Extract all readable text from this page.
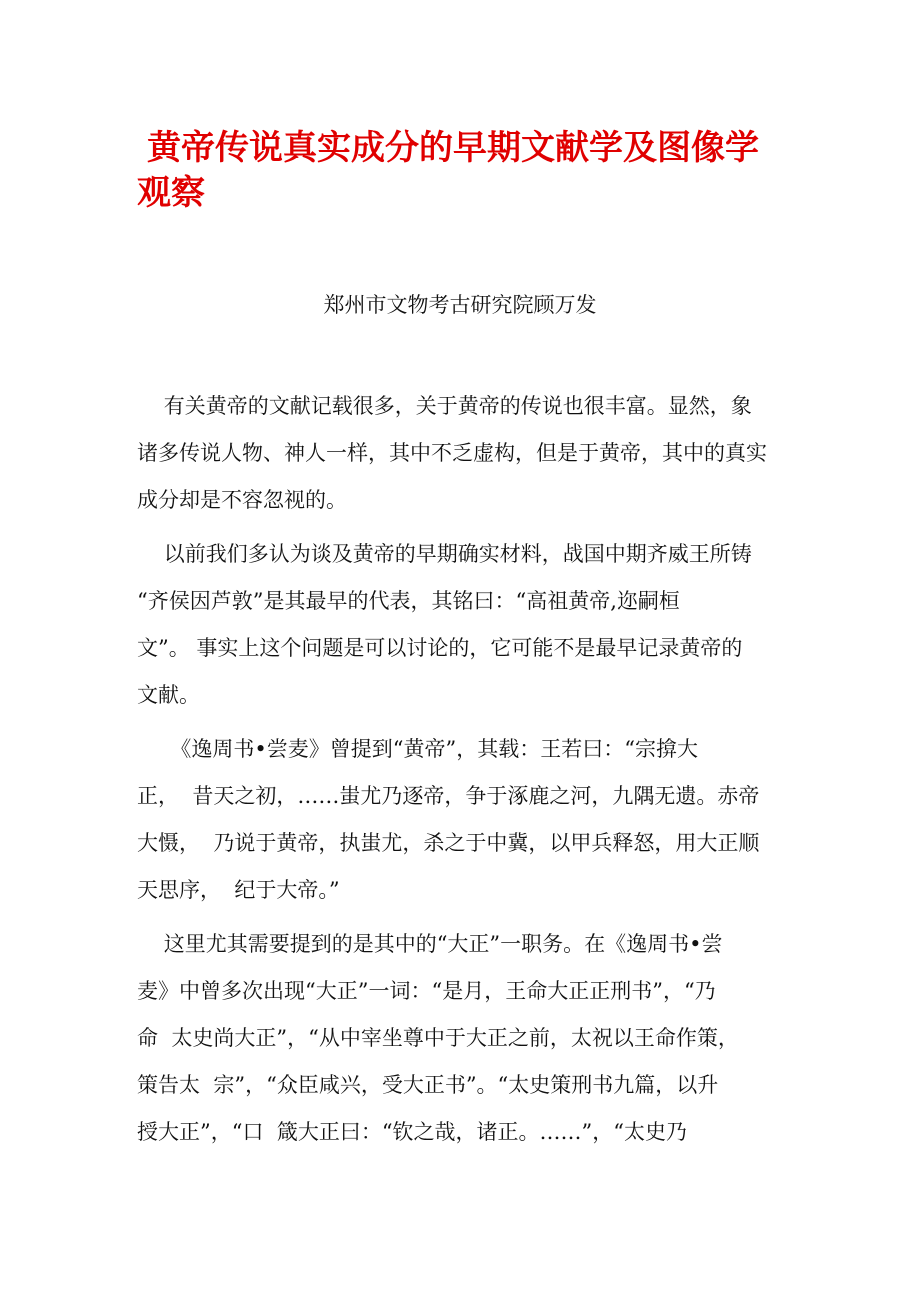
黄帝传说真实成分的早期文献学及图像学
观察

郑州市文物考古研究院顾万发

有关黄帝的文献记载很多，关于黄帝的传说也很丰富。显然，象
诸多传说人物、神人一样，其中不乏虚构，但是于黄帝，其中的真实
成分却是不容忽视的。

以前我们多认为谈及黄帝的早期确实材料，战国中期齐威王所铸
“齐侯因芦敦”是其最早的代表，其铭曰：“高祖黄帝,迩嗣桓
文”。 事实上这个问题是可以讨论的，它可能不是最早记录黄帝的
文献。

《逸周书•尝麦》曾提到“黄帝”，其载：王若曰：“宗揜大
正，  昔天之初，……蚩尤乃逐帝，争于涿鹿之河，九隅无遗。赤帝
大慑，  乃说于黄帝，执蚩尤，杀之于中冀，以甲兵释怒，用大正顺
天思序，  纪于大帝。”

这里尤其需要提到的是其中的“大正”一职务。在《逸周书•尝
麦》中曾多次出现“大正”一词：“是月，王命大正正刑书”，“乃
命  太史尚大正”，“从中宰坐尊中于大正之前，太祝以王命作策，
策告太  宗”，“众臣咸兴，受大正书”。“太史策刑书九篇，以升
授大正”，“口  箴大正曰：“钦之哉，诸正。……”，“太史乃
